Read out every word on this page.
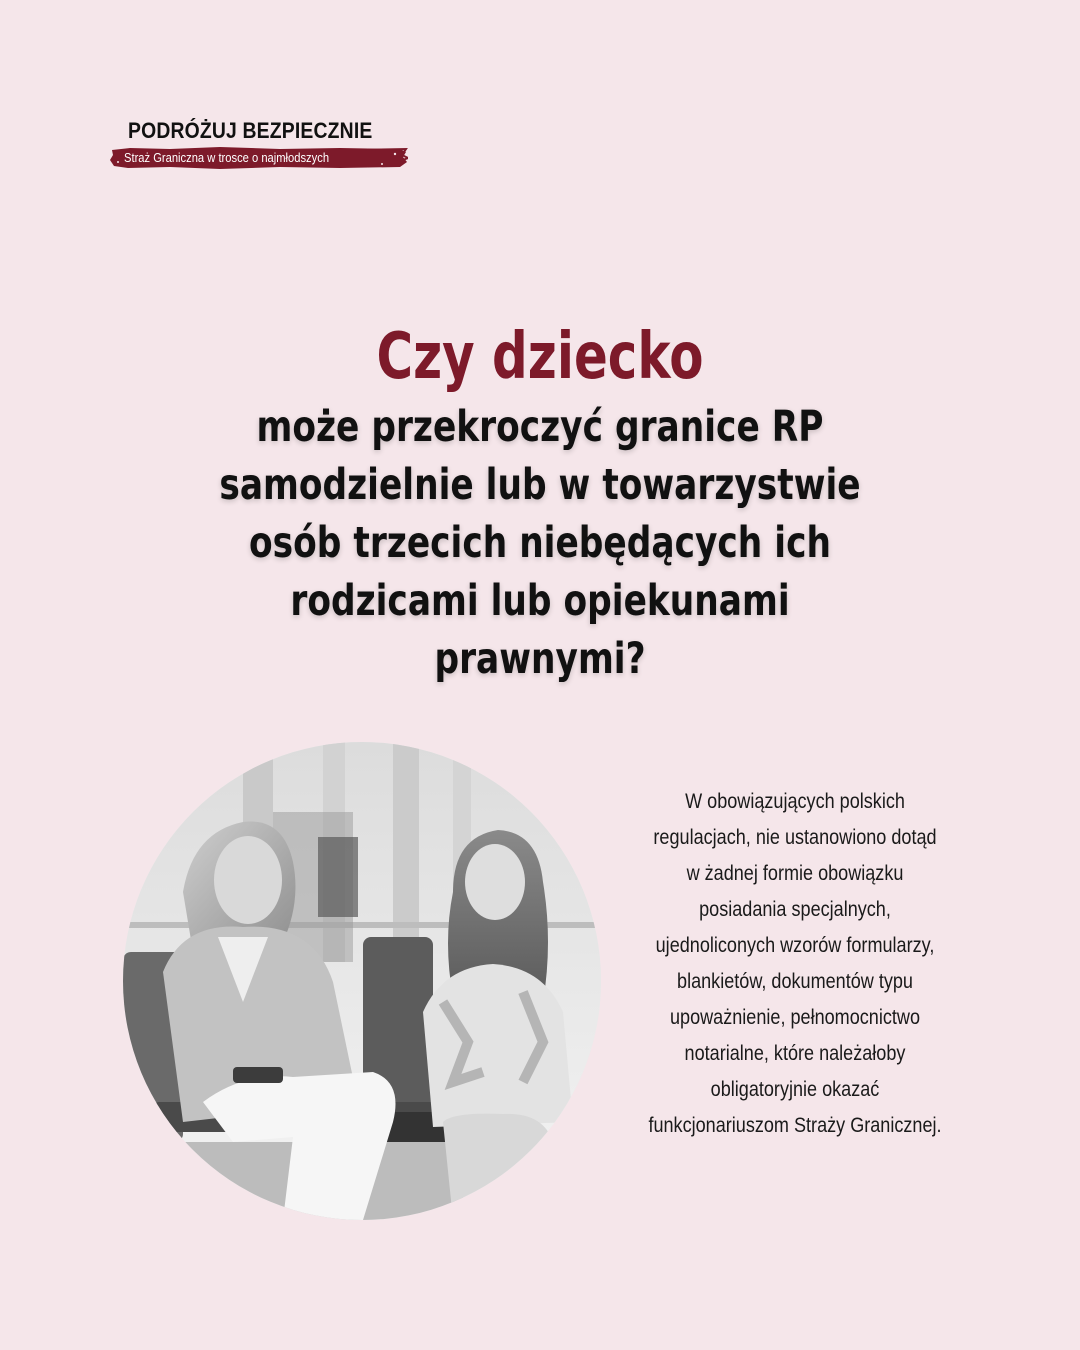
PODRÓŻUJ BEZPIECZNIE
Straż Graniczna w trosce o najmłodszych
Czy dziecko
może przekroczyć granice RP
samodzielnie lub w towarzystwie
osób trzecich niebędących ich
rodzicami lub opiekunami
prawnymi?
W obowiązujących polskich
regulacjach, nie ustanowiono dotąd
w żadnej formie obowiązku
posiadania specjalnych,
ujednoliconych wzorów formularzy,
blankietów, dokumentów typu
upoważnienie, pełnomocnictwo
notarialne, które należałoby
obligatoryjnie okazać
funkcjonariuszom Straży Granicznej.
